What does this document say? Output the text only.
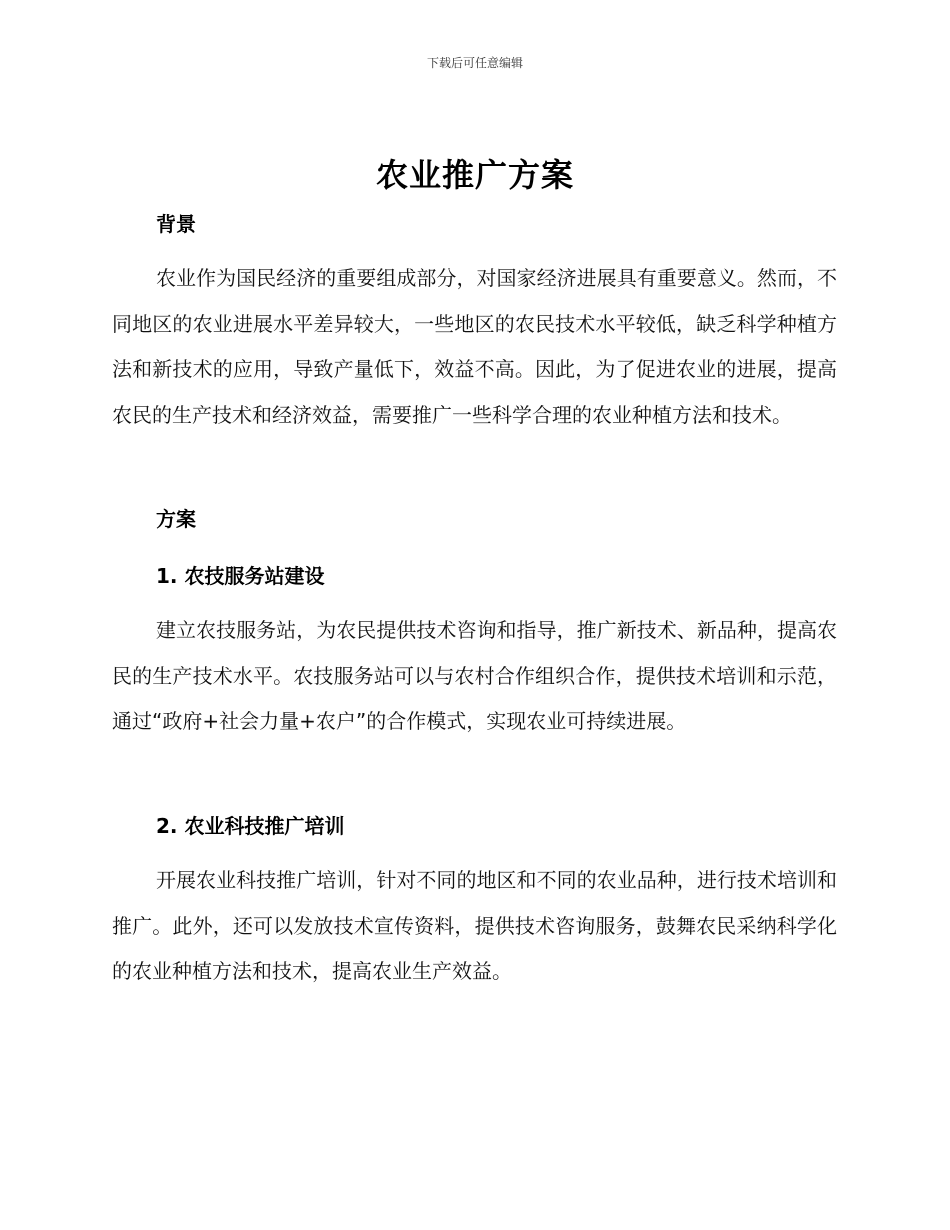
下载后可任意编辑
农业推广方案
背景
农业作为国民经济的重要组成部分，对国家经济进展具有重要意义。然而，不同地区的农业进展水平差异较大，一些地区的农民技术水平较低，缺乏科学种植方法和新技术的应用，导致产量低下，效益不高。因此，为了促进农业的进展，提高农民的生产技术和经济效益，需要推广一些科学合理的农业种植方法和技术。
方案
1. 农技服务站建设
建立农技服务站，为农民提供技术咨询和指导，推广新技术、新品种，提高农民的生产技术水平。农技服务站可以与农村合作组织合作，提供技术培训和示范，通过“政府+社会力量+农户”的合作模式，实现农业可持续进展。
2. 农业科技推广培训
开展农业科技推广培训，针对不同的地区和不同的农业品种，进行技术培训和推广。此外，还可以发放技术宣传资料，提供技术咨询服务，鼓舞农民采纳科学化的农业种植方法和技术，提高农业生产效益。
